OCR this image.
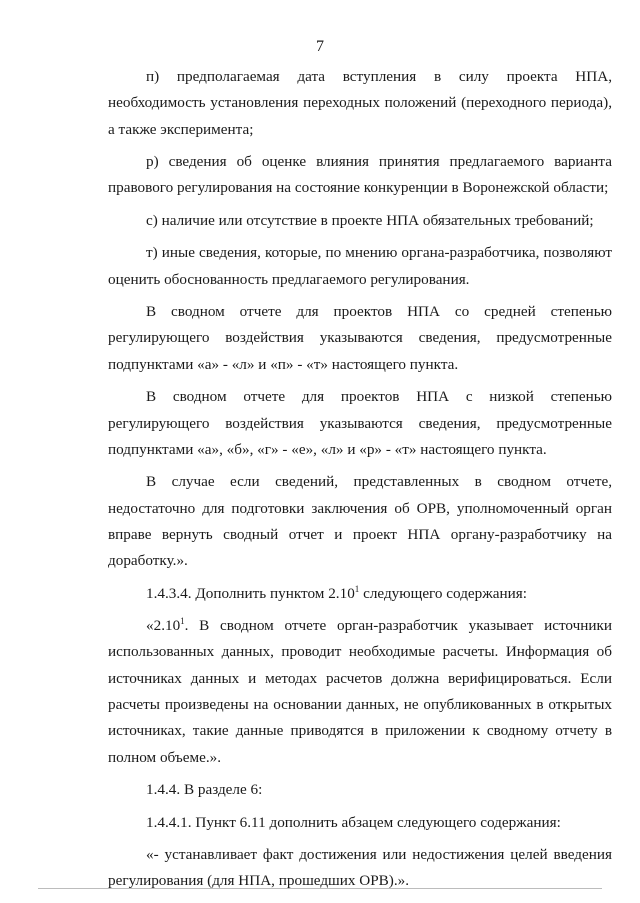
7

п) предполагаемая дата вступления в силу проекта НПА, необходимость установления переходных положений (переходного периода), а также эксперимента;

р) сведения об оценке влияния принятия предлагаемого варианта правового регулирования на состояние конкуренции в Воронежской области;

с) наличие или отсутствие в проекте НПА обязательных требований;

т) иные сведения, которые, по мнению органа-разработчика, позволяют оценить обоснованность предлагаемого регулирования.

В сводном отчете для проектов НПА со средней степенью регулирующего воздействия указываются сведения, предусмотренные подпунктами «а» - «л» и «п» - «т» настоящего пункта.

В сводном отчете для проектов НПА с низкой степенью регулирующего воздействия указываются сведения, предусмотренные подпунктами «а», «б», «г» - «е», «л» и «р» - «т» настоящего пункта.

В случае если сведений, представленных в сводном отчете, недостаточно для подготовки заключения об ОРВ, уполномоченный орган вправе вернуть сводный отчет и проект НПА органу-разработчику на доработку.».

1.4.3.4. Дополнить пунктом 2.10$^1$ следующего содержания:

«2.10$^1$. В сводном отчете орган-разработчик указывает источники использованных данных, проводит необходимые расчеты. Информация об источниках данных и методах расчетов должна верифицироваться. Если расчеты произведены на основании данных, не опубликованных в открытых источниках, такие данные приводятся в приложении к сводному отчету в полном объеме.».

1.4.4. В разделе 6:

1.4.4.1. Пункт 6.11 дополнить абзацем следующего содержания:

«- устанавливает факт достижения или недостижения целей введения регулирования (для НПА, прошедших ОРВ).».
